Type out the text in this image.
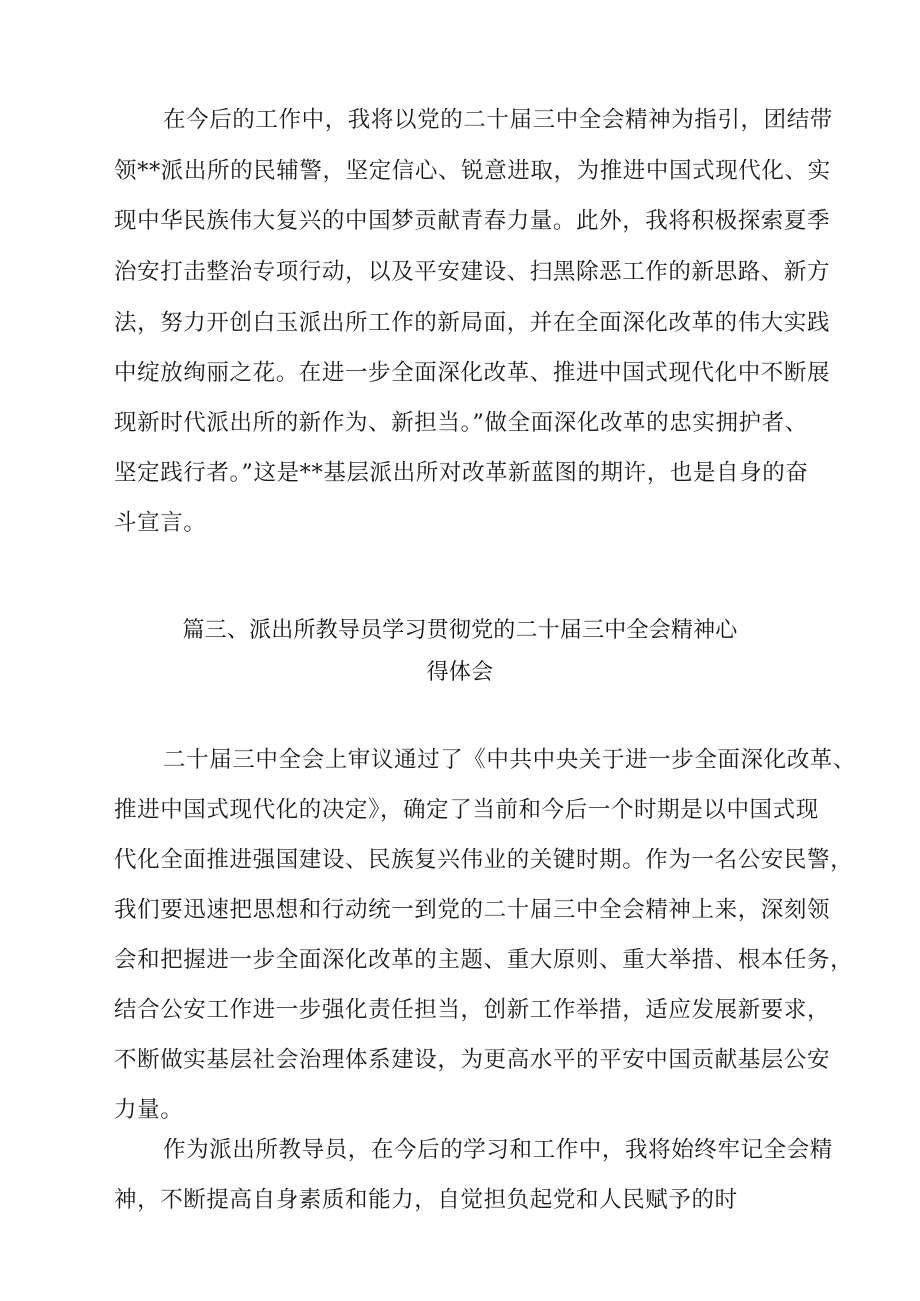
在今后的工作中，我将以党的二十届三中全会精神为指引，团结带
领**派出所的民辅警，坚定信心、锐意进取，为推进中国式现代化、实
现中华民族伟大复兴的中国梦贡献青春力量。此外，我将积极探索夏季
治安打击整治专项行动，以及平安建设、扫黑除恶工作的新思路、新方
法，努力开创白玉派出所工作的新局面，并在全面深化改革的伟大实践
中绽放绚丽之花。在进一步全面深化改革、推进中国式现代化中不断展
现新时代派出所的新作为、新担当。”做全面深化改革的忠实拥护者、
坚定践行者。”这是**基层派出所对改革新蓝图的期许，也是自身的奋
斗宣言。
篇三、派出所教导员学习贯彻党的二十届三中全会精神心
得体会
二十届三中全会上审议通过了《中共中央关于进一步全面深化改革、
推进中国式现代化的决定》，确定了当前和今后一个时期是以中国式现
代化全面推进强国建设、民族复兴伟业的关键时期。作为一名公安民警，
我们要迅速把思想和行动统一到党的二十届三中全会精神上来，深刻领
会和把握进一步全面深化改革的主题、重大原则、重大举措、根本任务，
结合公安工作进一步强化责任担当，创新工作举措，适应发展新要求，
不断做实基层社会治理体系建设，为更高水平的平安中国贡献基层公安
力量。
作为派出所教导员，在今后的学习和工作中，我将始终牢记全会精
神，不断提高自身素质和能力，自觉担负起党和人民赋予的时
